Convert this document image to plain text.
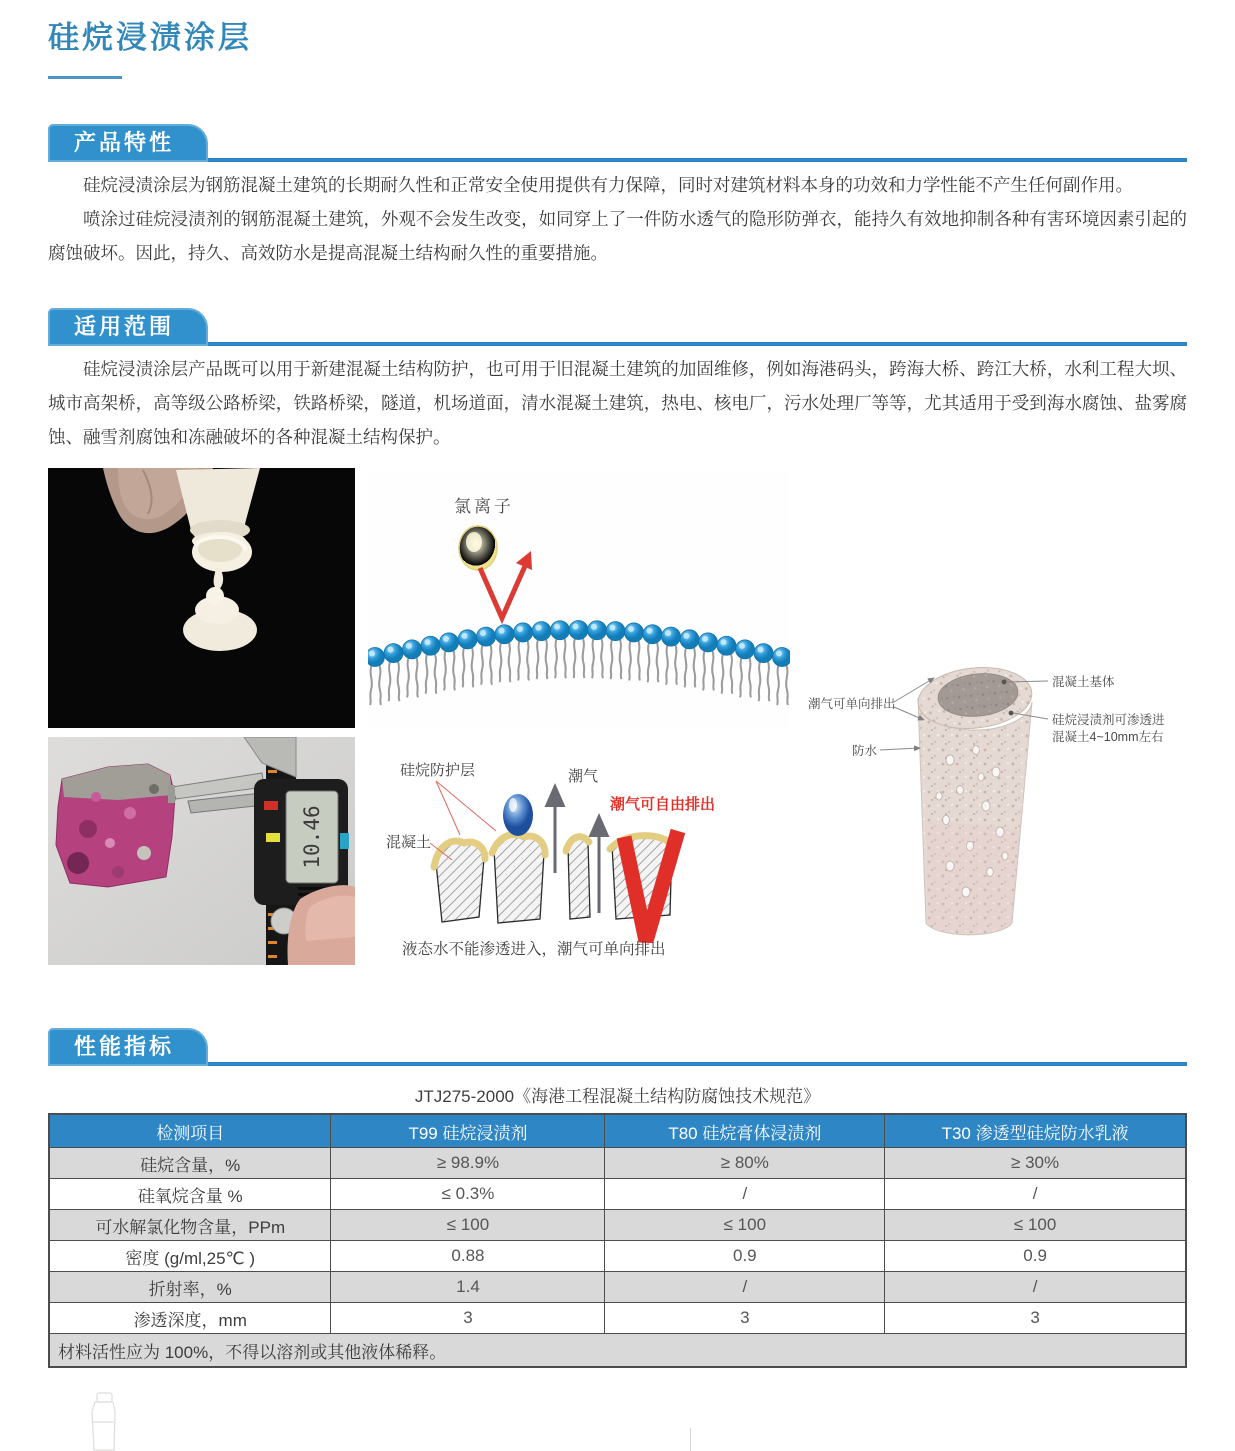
硅烷浸渍涂层
产品特性

硅烷浸渍涂层为钢筋混凝土建筑的长期耐久性和正常安全使用提供有力保障，同时对建筑材料本身的功效和力学性能不产生任何副作用。

喷涂过硅烷浸渍剂的钢筋混凝土建筑，外观不会发生改变，如同穿上了一件防水透气的隐形防弹衣，能持久有效地抑制各种有害环境因素引起的腐蚀破坏。因此，持久、高效防水是提高混凝土结构耐久性的重要措施。

适用范围

硅烷浸渍涂层产品既可以用于新建混凝土结构防护，也可用于旧混凝土建筑的加固维修，例如海港码头，跨海大桥、跨江大桥，水利工程大坝、城市高架桥，高等级公路桥梁，铁路桥梁，隧道，机场道面，清水混凝土建筑，热电、核电厂，污水处理厂等等，尤其适用于受到海水腐蚀、盐雾腐蚀、融雪剂腐蚀和冻融破坏的各种混凝土结构保护。

氯离子
潮气可单向排出
混凝土基体
硅烷浸渍剂可渗透进
混凝土4~10mm左右
防水
10.46
硅烷防护层
混凝土
潮气
潮气可自由排出
液态水不能渗透进入，潮气可单向排出
性能指标
JTJ275-2000《海港工程混凝土结构防腐蚀技术规范》
检测项目	T99 硅烷浸渍剂	T80 硅烷膏体浸渍剂	T30 渗透型硅烷防水乳液
硅烷含量，%	≥ 98.9%	≥ 80%	≥ 30%
硅氧烷含量 %	≤ 0.3%	/	/
可水解氯化物含量，PPm	≤ 100	≤ 100	≤ 100
密度 (g/ml,25℃ )	0.88	0.9	0.9
折射率，%	1.4	/	/
渗透深度，mm	3	3	3
材料活性应为 100%，不得以溶剂或其他液体稀释。			
